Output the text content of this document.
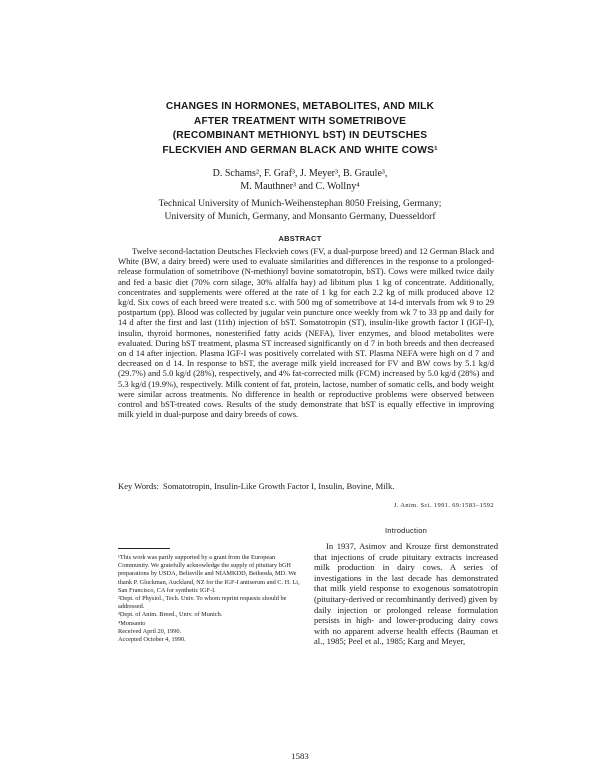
CHANGES IN HORMONES, METABOLITES, AND MILK
AFTER TREATMENT WITH SOMETRIBOVE
(RECOMBINANT METHIONYL bST) IN DEUTSCHES
FLECKVIEH AND GERMAN BLACK AND WHITE COWS¹
D. Schams², F. Graf³, J. Meyer³, B. Graule³,
M. Mauthner³ and C. Wollny⁴
Technical University of Munich-Weihenstephan 8050 Freising, Germany;
University of Munich, Germany, and Monsanto Germany, Duesseldorf
ABSTRACT

Twelve second-lactation Deutsches Fleckvieh cows (FV, a dual-purpose breed) and 12 German Black and White (BW, a dairy breed) were used to evaluate similarities and differences in the response to a prolonged-release formulation of sometribove (N-methionyl bovine somatotropin, bST). Cows were milked twice daily and fed a basic diet (70% corn silage, 30% alfalfa hay) ad libitum plus 1 kg of concentrate. Additionally, concentrates and supplements were offered at the rate of 1 kg for each 2.2 kg of milk produced above 12 kg/d. Six cows of each breed were treated s.c. with 500 mg of sometribove at 14-d intervals from wk 9 to 29 postpartum (pp). Blood was collected by jugular vein puncture once weekly from wk 7 to 33 pp and daily for 14 d after the first and last (11th) injection of bST. Somatotropin (ST), insulin-like growth factor I (IGF-I), insulin, thyroid hormones, nonesterified fatty acids (NEFA), liver enzymes, and blood metabolites were evaluated. During bST treatment, plasma ST increased significantly on d 7 in both breeds and then decreased on d 14 after injection. Plasma IGF-I was positively correlated with ST. Plasma NEFA were high on d 7 and decreased on d 14. In response to bST, the average milk yield increased for FV and BW cows by 5.1 kg/d (29.7%) and 5.0 kg/d (28%), respectively, and 4% fat-corrected milk (FCM) increased by 5.0 kg/d (28%) and 5.3 kg/d (19.9%), respectively. Milk content of fat, protein, lactose, number of somatic cells, and body weight were similar across treatments. No difference in health or reproductive problems were observed between control and bST-treated cows. Results of the study demonstrate that bST is equally effective in improving milk yield in dual-purpose and dairy breeds of cows.

Key Words: Somatotropin, Insulin-Like Growth Factor I, Insulin, Bovine, Milk.
J. Anim. Sci. 1991. 69:1583–1592

¹This work was partly supported by a grant from the European Community. We gratefully acknowledge the supply of pituitary bGH preparations by USDA, Beltsville and NIAMKDD, Bethesda, MD. We thank P. Gluckman, Auckland, NZ for the IGF-I antiserum and C. H. Li, San Francisco, CA for synthetic IGF-I.

²Dept. of Physiol., Tech. Univ. To whom reprint requests should be addressed.

³Dept. of Anim. Breed., Univ. of Munich.

⁴Monsanto

Received April 20, 1990.

Accepted October 4, 1990.

Introduction

In 1937, Asimov and Krouze first demonstrated that injections of crude pituitary extracts increased milk production in dairy cows. A series of investigations in the last decade has demonstrated that milk yield response to exogenous somatotropin (pituitary-derived or recombinantly derived) given by daily injection or prolonged release formulation persists in high- and lower-producing dairy cows with no apparent adverse health effects (Bauman et al., 1985; Peel et al., 1985; Karg and Meyer,

1583
